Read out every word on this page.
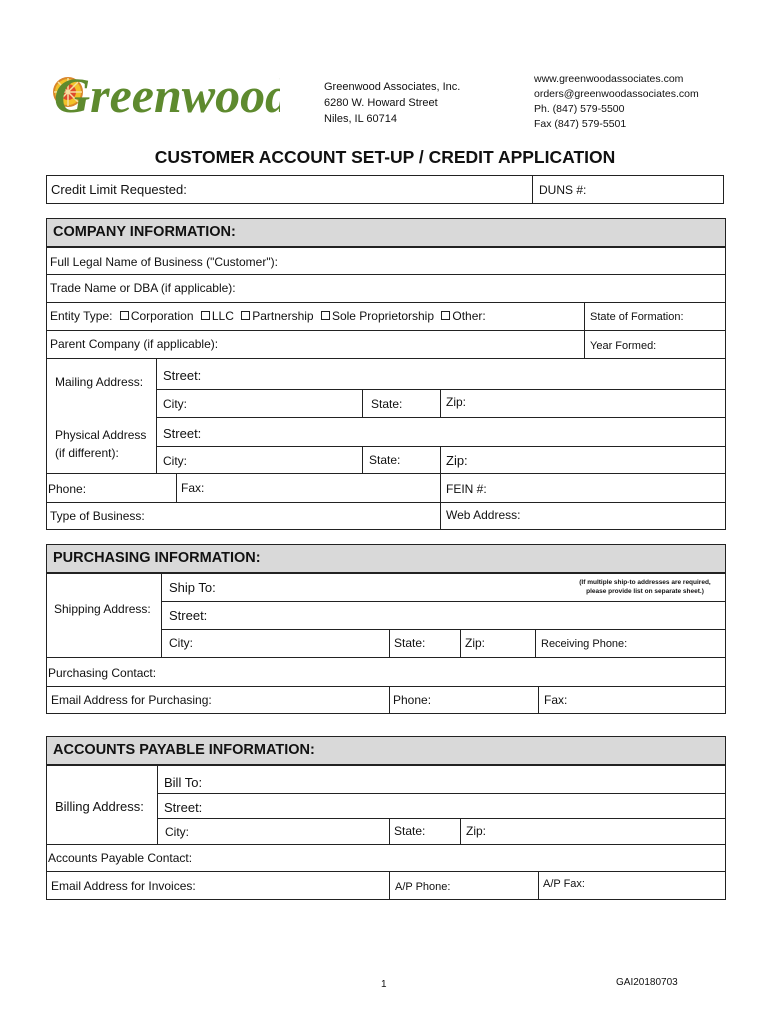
Greenwood	Greenwood Associates, Inc.
6280 W. Howard Street
Niles, IL 60714
www.greenwoodassociates.com
orders@greenwoodassociates.com
Ph. (847) 579-5500
Fax (847) 579-5501
CUSTOMER ACCOUNT SET-UP / CREDIT APPLICATION
Credit Limit Requested:	DUNS #:
COMPANY INFORMATION:
Full Legal Name of Business ("Customer"):
Trade Name or DBA (if applicable):
Entity Type: Corporation LLC Partnership Sole Proprietorship Other:	State of Formation:
Parent Company (if applicable):	Year Formed:
Mailing Address: Street:
City:	State:	Zip:
Physical Address
(if different):
Street:
City:	State:	Zip:
Phone:	Fax:	FEIN #:
Type of Business:	Web Address:
PURCHASING INFORMATION:
Ship To:	(If multiple ship-to addresses are required,
please provide list on separate sheet.)
Shipping Address: Street:
City:	State:	Zip:	Receiving Phone:
Purchasing Contact:
Email Address for Purchasing:	Phone:	Fax:
ACCOUNTS PAYABLE INFORMATION:
Bill To:
Billing Address: Street:
City:	State:	Zip:
Accounts Payable Contact:
Email Address for Invoices:	A/P Phone:	A/P Fax:
1	GAI20180703
